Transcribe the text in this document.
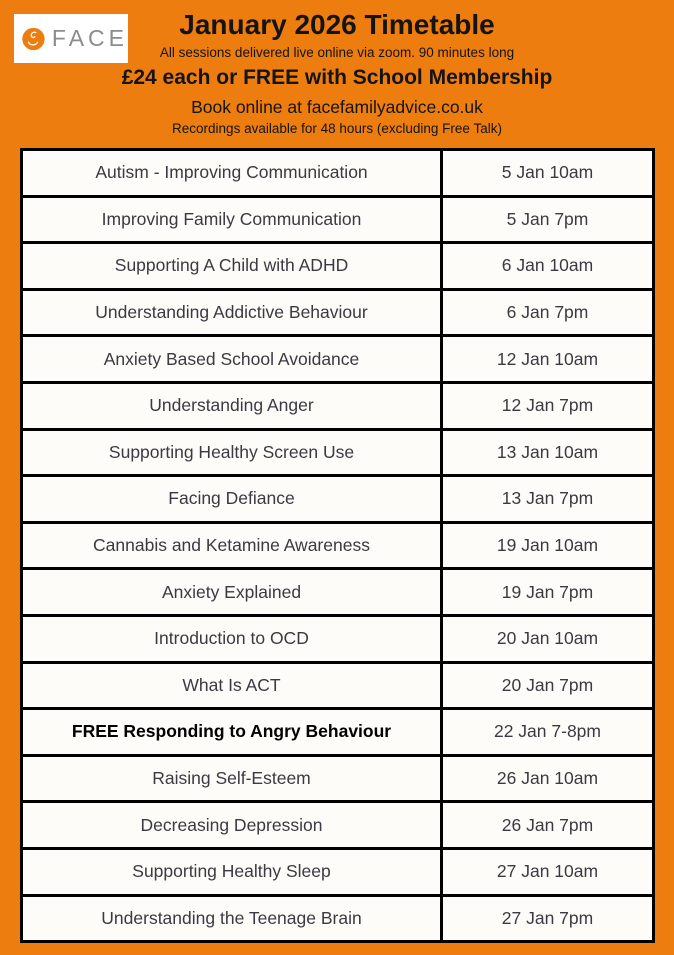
FACE	January 2026 Timetable
All sessions delivered live online via zoom. 90 minutes long
£24 each or FREE with School Membership
Book online at facefamilyadvice.co.uk
Recordings available for 48 hours (excluding Free Talk)
Autism - Improving Communication	5 Jan 10am
Improving Family Communication	5 Jan 7pm
Supporting A Child with ADHD	6 Jan 10am
Understanding Addictive Behaviour	6 Jan 7pm
Anxiety Based School Avoidance	12 Jan 10am
Understanding Anger	12 Jan 7pm
Supporting Healthy Screen Use	13 Jan 10am
Facing Defiance	13 Jan 7pm
Cannabis and Ketamine Awareness	19 Jan 10am
Anxiety Explained	19 Jan 7pm
Introduction to OCD	20 Jan 10am
What Is ACT	20 Jan 7pm
FREE Responding to Angry Behaviour	22 Jan 7-8pm
Raising Self-Esteem	26 Jan 10am
Decreasing Depression	26 Jan 7pm
Supporting Healthy Sleep	27 Jan 10am
Understanding the Teenage Brain	27 Jan 7pm
